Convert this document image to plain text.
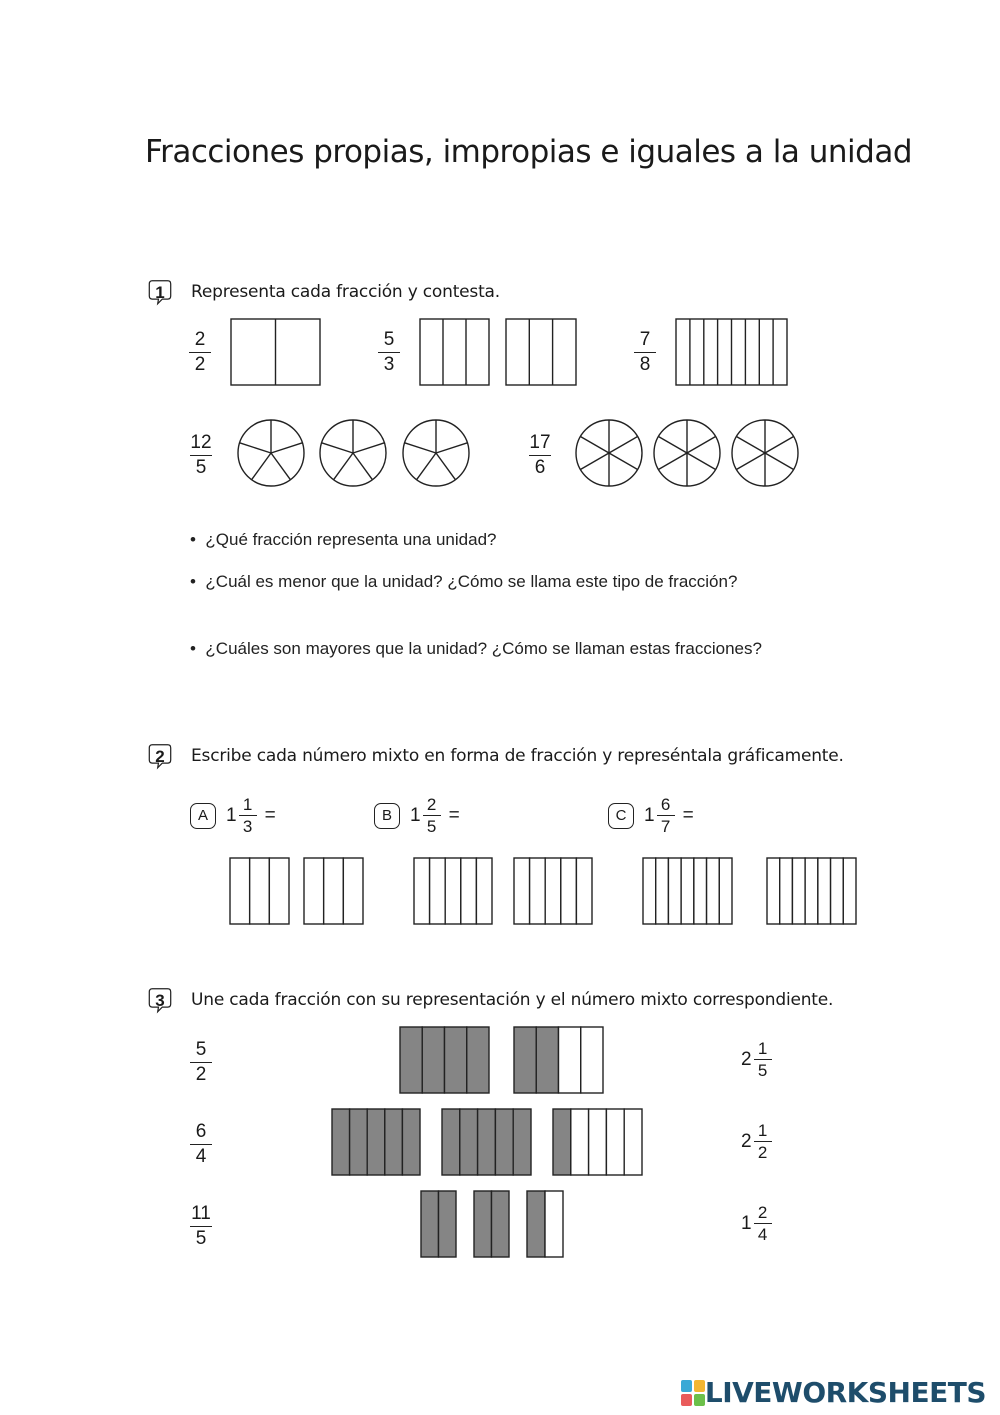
Fracciones propias, impropias e iguales a la unidad
1	Representa cada fracción y contesta.
2
2
5
3
7
8
12
5
17
6
• ¿Qué fracción representa una unidad?
• ¿Cuál es menor que la unidad? ¿Cómo se llama este tipo de fracción?
• ¿Cuáles son mayores que la unidad? ¿Cómo se llaman estas fracciones?
2	Escribe cada número mixto en forma de fracción y represéntala gráficamente.
A $1 \frac{1}{3}$ =	B $1 \frac{2}{5}$ =	C $1 \frac{6}{7}$ =
3	Une cada fracción con su representación y el número mixto correspondiente.
5
2
6
4
11
5
$2 \frac{1}{5}$
$2 \frac{1}{2}$
$1 \frac{2}{4}$
LIVEWORKSHEETS
